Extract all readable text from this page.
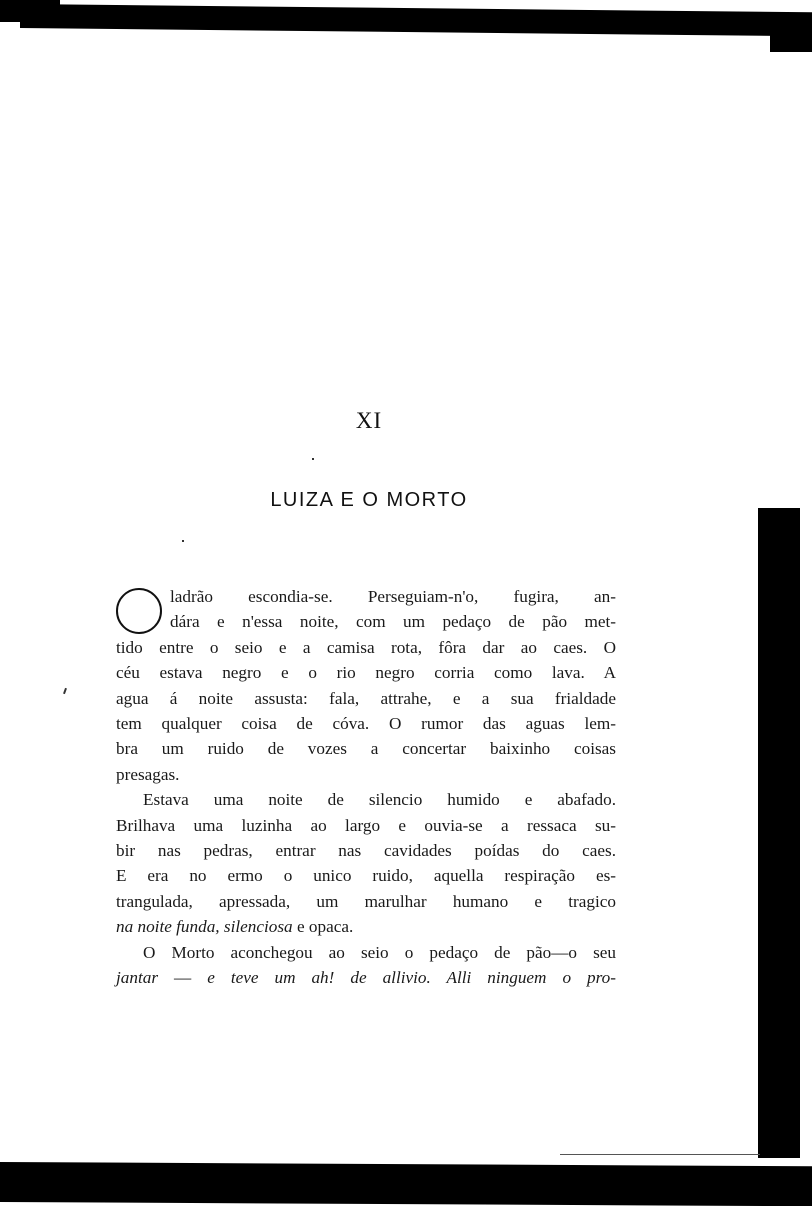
XI
LUIZA E O MORTO

ladrão escondia-se. Perseguiam-n'o, fugira, an-
dára e n'essa noite, com um pedaço de pão met-
tido entre o seio e a camisa rota, fôra dar ao caes. O
céu estava negro e o rio negro corria como lava. A
agua á noite assusta: fala, attrahe, e a sua frialdade
tem qualquer coisa de cóva. O rumor das aguas lem-
bra um ruido de vozes a concertar baixinho coisas
presagas.

Estava uma noite de silencio humido e abafado.
Brilhava uma luzinha ao largo e ouvia-se a ressaca su-
bir nas pedras, entrar nas cavidades poídas do caes.
E era no ermo o unico ruido, aquella respiração es-
trangulada, apressada, um marulhar humano e tragico
na noite funda, silenciosa e opaca.

O Morto aconchegou ao seio o pedaço de pão—o seu
jantar — e teve um ah! de allivio. Alli ninguem o pro-
